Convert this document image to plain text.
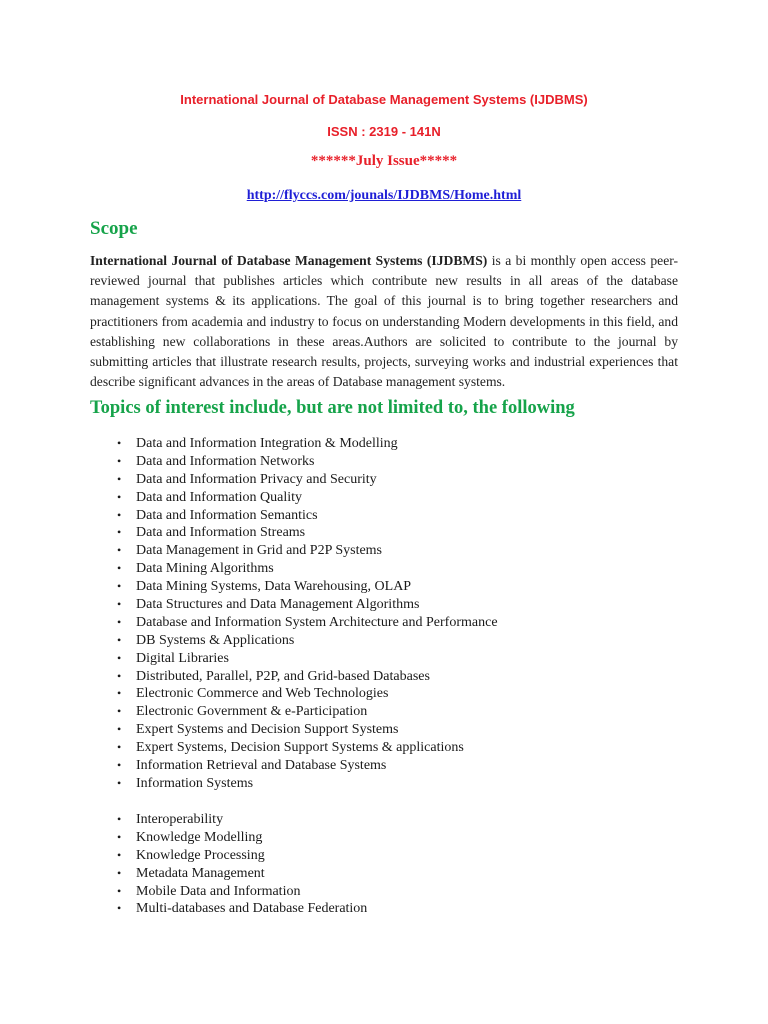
International Journal of Database Management Systems (IJDBMS)
ISSN : 2319 - 141N
******July Issue*****
http://flyccs.com/jounals/IJDBMS/Home.html
Scope
International Journal of Database Management Systems (IJDBMS) is a bi monthly open access peer-reviewed journal that publishes articles which contribute new results in all areas of the database management systems & its applications. The goal of this journal is to bring together researchers and practitioners from academia and industry to focus on understanding Modern developments in this field, and establishing new collaborations in these areas.Authors are solicited to contribute to the journal by submitting articles that illustrate research results, projects, surveying works and industrial experiences that describe significant advances in the areas of Database management systems.
Topics of interest include, but are not limited to, the following
• Data and Information Integration & Modelling
• Data and Information Networks
• Data and Information Privacy and Security
• Data and Information Quality
• Data and Information Semantics
• Data and Information Streams
• Data Management in Grid and P2P Systems
• Data Mining Algorithms
• Data Mining Systems, Data Warehousing, OLAP
• Data Structures and Data Management Algorithms
• Database and Information System Architecture and Performance
• DB Systems & Applications
• Digital Libraries
• Distributed, Parallel, P2P, and Grid-based Databases
• Electronic Commerce and Web Technologies
• Electronic Government & e-Participation
• Expert Systems and Decision Support Systems
• Expert Systems, Decision Support Systems & applications
• Information Retrieval and Database Systems
• Information Systems
• Interoperability
• Knowledge Modelling
• Knowledge Processing
• Metadata Management
• Mobile Data and Information
• Multi-databases and Database Federation
